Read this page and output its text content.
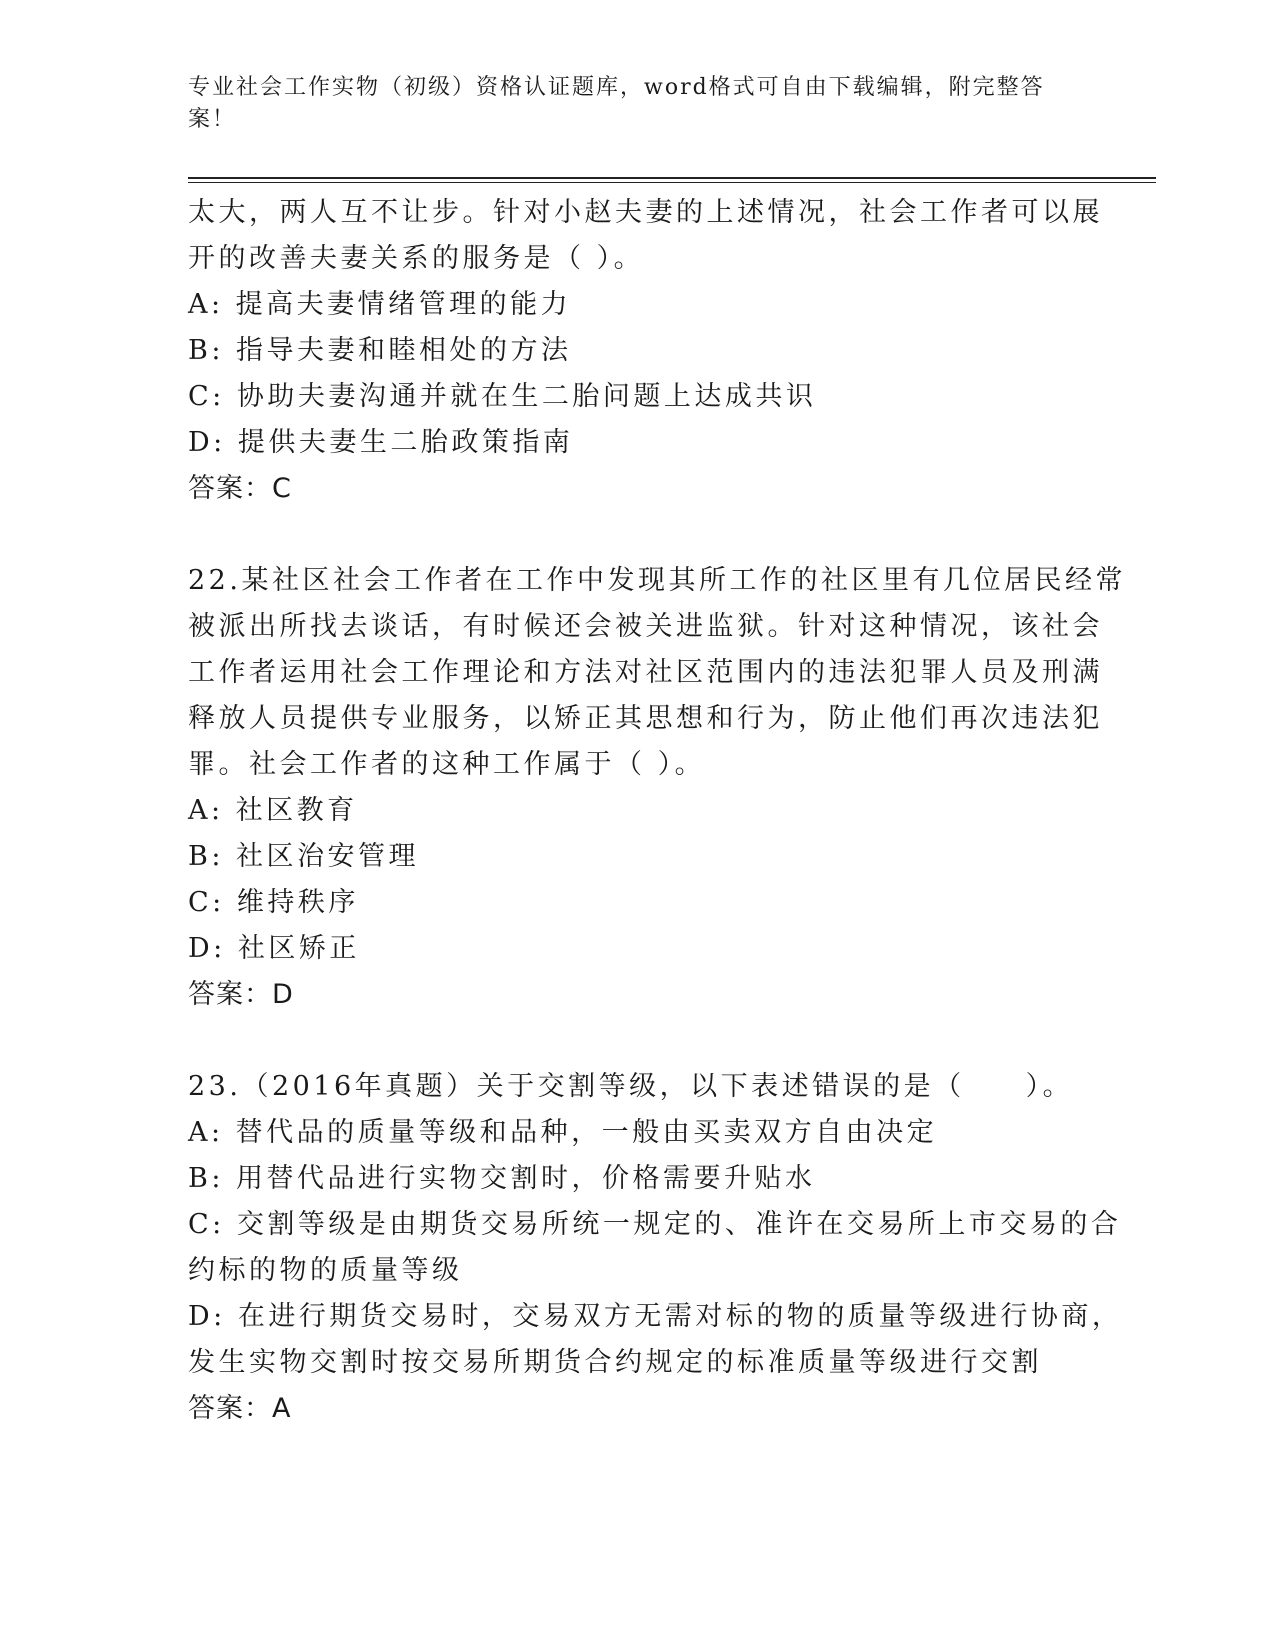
专业社会工作实物（初级）资格认证题库，word格式可自由下载编辑，附完整答案！
太大，两人互不让步。针对小赵夫妻的上述情况，社会工作者可以展
开的改善夫妻关系的服务是（ ）。
A: 提高夫妻情绪管理的能力
B: 指导夫妻和睦相处的方法
C: 协助夫妻沟通并就在生二胎问题上达成共识
D: 提供夫妻生二胎政策指南
答案：C
22.某社区社会工作者在工作中发现其所工作的社区里有几位居民经常
被派出所找去谈话，有时候还会被关进监狱。针对这种情况，该社会
工作者运用社会工作理论和方法对社区范围内的违法犯罪人员及刑满
释放人员提供专业服务，以矫正其思想和行为，防止他们再次违法犯
罪。社会工作者的这种工作属于（ ）。
A: 社区教育
B: 社区治安管理
C: 维持秩序
D: 社区矫正
答案：D
23.（2016年真题）关于交割等级，以下表述错误的是（　　）。
A: 替代品的质量等级和品种，一般由买卖双方自由决定
B: 用替代品进行实物交割时，价格需要升贴水
C: 交割等级是由期货交易所统一规定的、准许在交易所上市交易的合
约标的物的质量等级
D: 在进行期货交易时，交易双方无需对标的物的质量等级进行协商，
发生实物交割时按交易所期货合约规定的标准质量等级进行交割
答案：A
